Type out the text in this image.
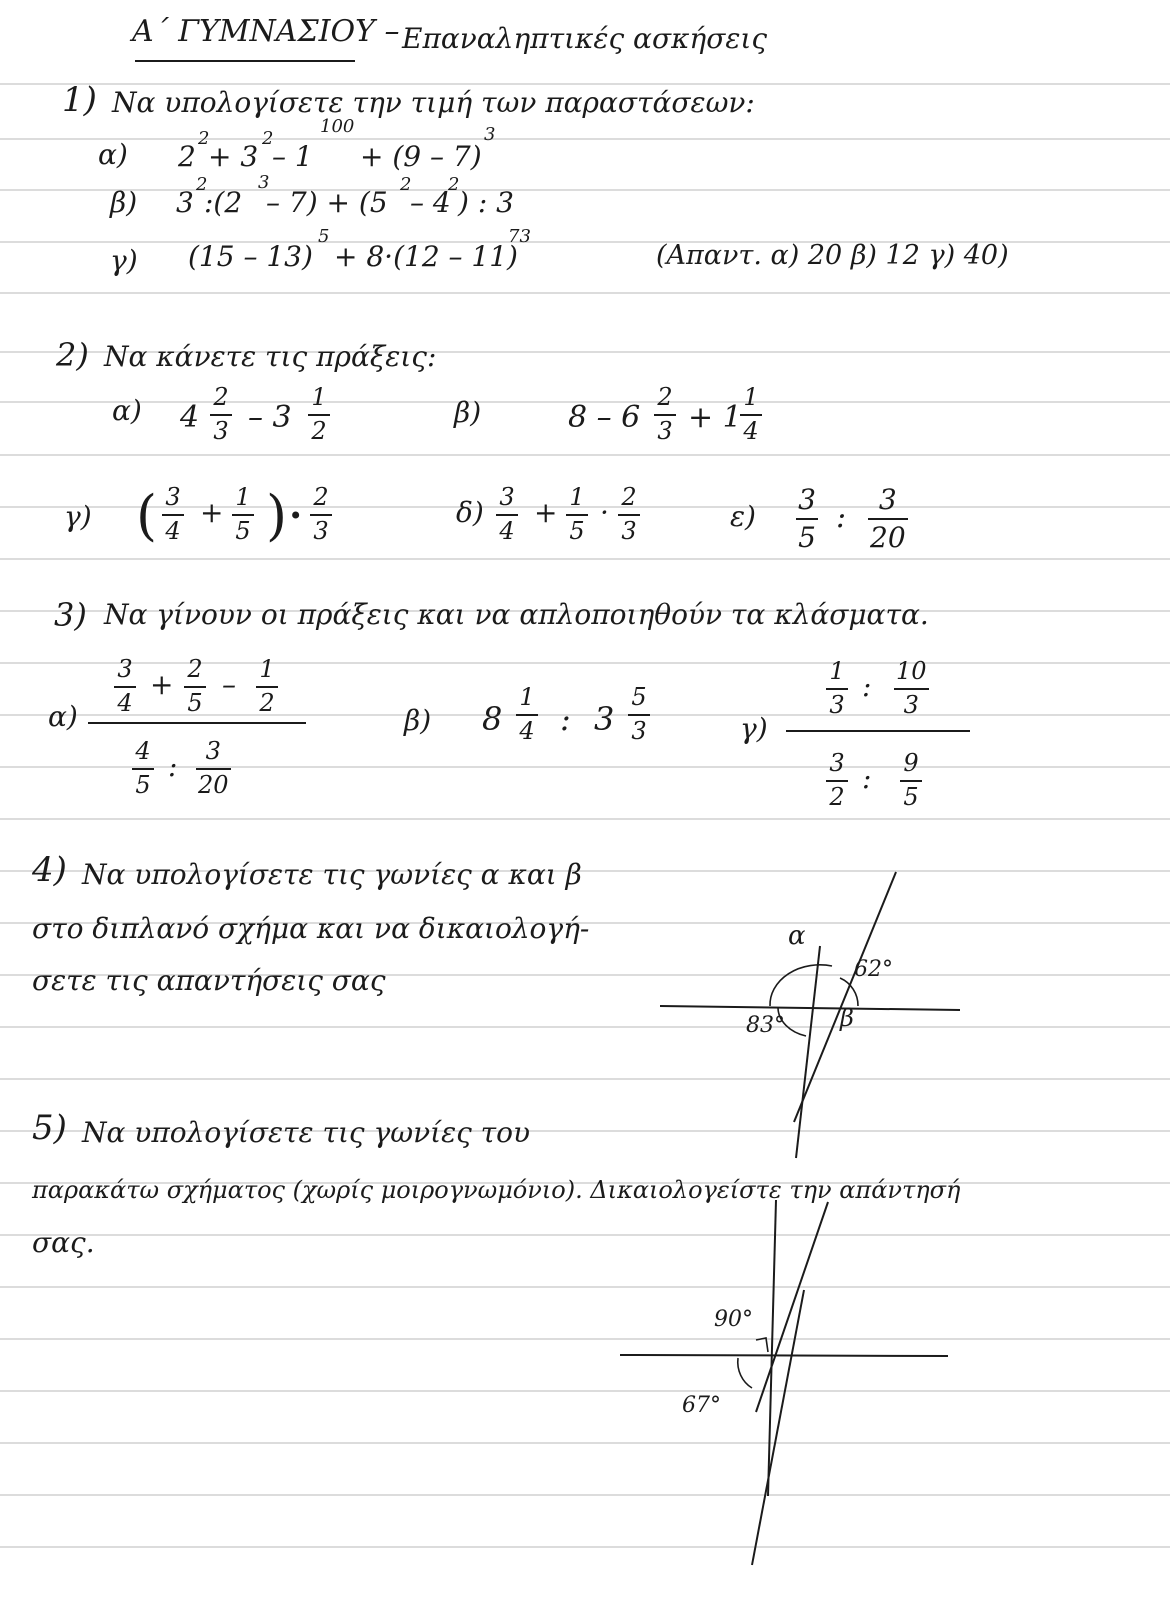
Α΄ ΓΥΜΝΑΣΙΟΥ – Επαναληπτικές ασκήσεις
1) Να υπολογίσετε την τιμή των παραστάσεων:
α) 2
2
+ 3
2
– 1
100
+ (9 – 7)
3
β) 3
2
:(2
3
– 7) + (5
2
– 4
2
) : 3
γ) (15 – 13)
5
+ 8·(12 – 11)
73
(Απαντ. α) 20 β) 12 γ) 40)
2) Να κάνετε τις πράξεις:
α) 4
2
3 – 3
1
2
β)	8 – 6
2
3 + 1
1
4
γ) ( 3
4
+ 1
5 )· 2
3
δ) 3
4
+ 1
5
· 2
3	ε)
3
5
:
3
20
3) Να γίνουν οι πράξεις και να απλοποιηθούν τα κλάσματα.
α)
3
4
+ 2
5
– 1
2
4
5
: 3
20
β) 8
1
4 : 3
5
3	γ)
1
3
: 10
3
3
2
: 9
5
4) Να υπολογίσετε τις γωνίες α και β
στο διπλανό σχήμα και να δικαιολογή-
σετε τις απαντήσεις σας
α
62°
83° β
5) Να υπολογίσετε τις γωνίες του
παρακάτω σχήματος (χωρίς μοιρογνωμόνιο). Δικαιολογείστε την απάντησή
σας.
90°
67°
